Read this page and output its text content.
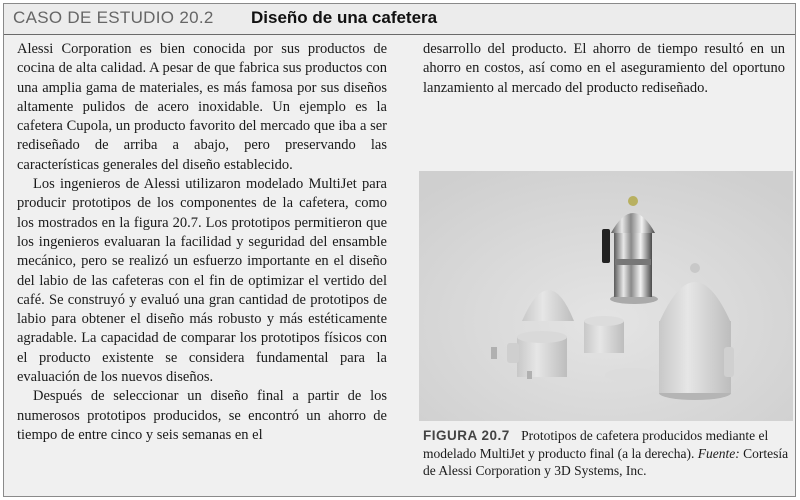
CASO DE ESTUDIO 20.2 Diseño de una cafetera

Alessi Corporation es bien conocida por sus productos de cocina de alta calidad. A pesar de que fabrica sus productos con una amplia gama de materiales, es más famosa por sus diseños altamente pulidos de acero inoxidable. Un ejemplo es la cafetera Cupola, un producto favorito del mercado que iba a ser rediseñado de arriba a abajo, pero preservando las características generales del diseño establecido.

Los ingenieros de Alessi utilizaron modelado MultiJet para producir prototipos de los componentes de la cafetera, como los mostrados en la figura 20.7. Los prototipos permitieron que los ingenieros evaluaran la facilidad y seguridad del ensamble mecánico, pero se realizó un esfuerzo importante en el diseño del labio de las cafeteras con el fin de optimizar el vertido del café. Se construyó y evaluó una gran cantidad de prototipos de labio para obtener el diseño más robusto y más estéticamente agradable. La capacidad de comparar los prototipos físicos con el producto existente se considera fundamental para la evaluación de los nuevos diseños.

Después de seleccionar un diseño final a partir de los numerosos prototipos producidos, se encontró un ahorro de tiempo de entre cinco y seis semanas en el

desarrollo del producto. El ahorro de tiempo resultó en un ahorro en costos, así como en el aseguramiento del oportuno lanzamiento al mercado del producto rediseñado.

FIGURA 20.7 Prototipos de cafetera producidos mediante el modelado MultiJet y producto final (a la derecha). Fuente: Cortesía de Alessi Corporation y 3D Systems, Inc.
